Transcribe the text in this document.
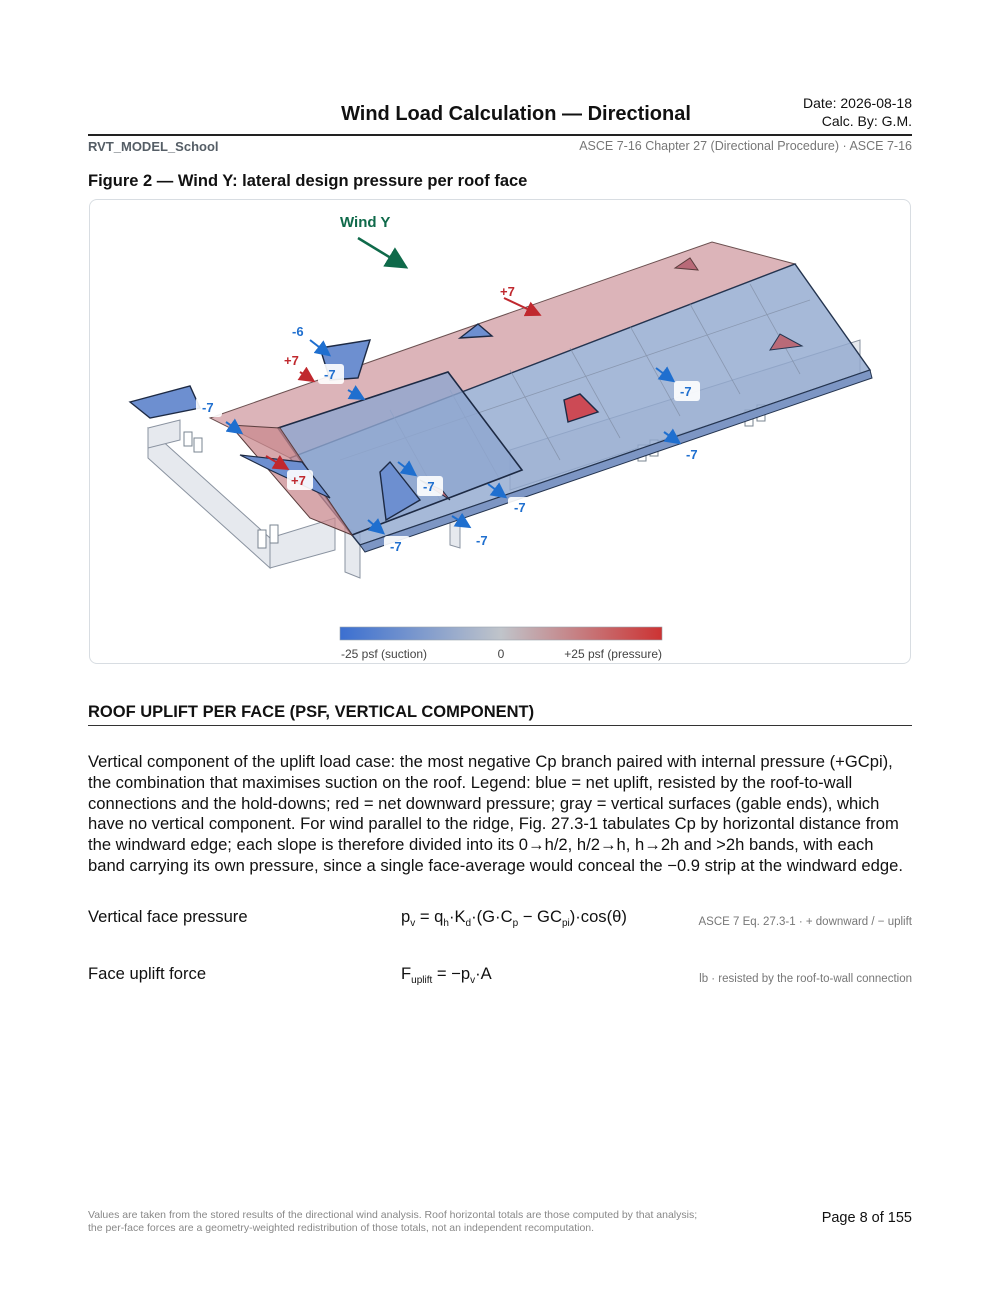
Date: 2026-08-18
Calc. By: G.M.
Wind Load Calculation — Directional
RVT_MODEL_School	ASCE 7-16 Chapter 27 (Directional Procedure) · ASCE 7-16
Figure 2 — Wind Y: lateral design pressure per roof face
Wind Y
-6
+7
-7
-7
+7	-7
-7
-7
-7
-7
+7
-7
-25 psf (suction)	0	+25 psf (pressure)
ROOF UPLIFT PER FACE (PSF, VERTICAL COMPONENT)
Vertical component of the uplift load case: the most negative Cp branch paired with internal pressure (+GCpi), the combination that maximises suction on the roof. Legend: blue = net uplift, resisted by the roof-to-wall connections and the hold-downs; red = net downward pressure; gray = vertical surfaces (gable ends), which have no vertical component. For wind parallel to the ridge, Fig. 27.3-1 tabulates Cp by horizontal distance from the windward edge; each slope is therefore divided into its 0→h/2, h/2→h, h→2h and >2h bands, with each band carrying its own pressure, since a single face-average would conceal the −0.9 strip at the windward edge.
Vertical face pressure	$p_v = q_h\cdot K_d\cdot(G\cdot C_p - GC_{pi})\cdot\cos(\theta)$	ASCE 7 Eq. 27.3-1 · + downward / − uplift
Face uplift force	$F_{uplift} = -p_v\cdot A$	lb · resisted by the roof-to-wall connection
Values are taken from the stored results of the directional wind analysis. Roof horizontal totals are those computed by that analysis;
the per-face forces are a geometry-weighted redistribution of those totals, not an independent recomputation.
Page 8 of 155
